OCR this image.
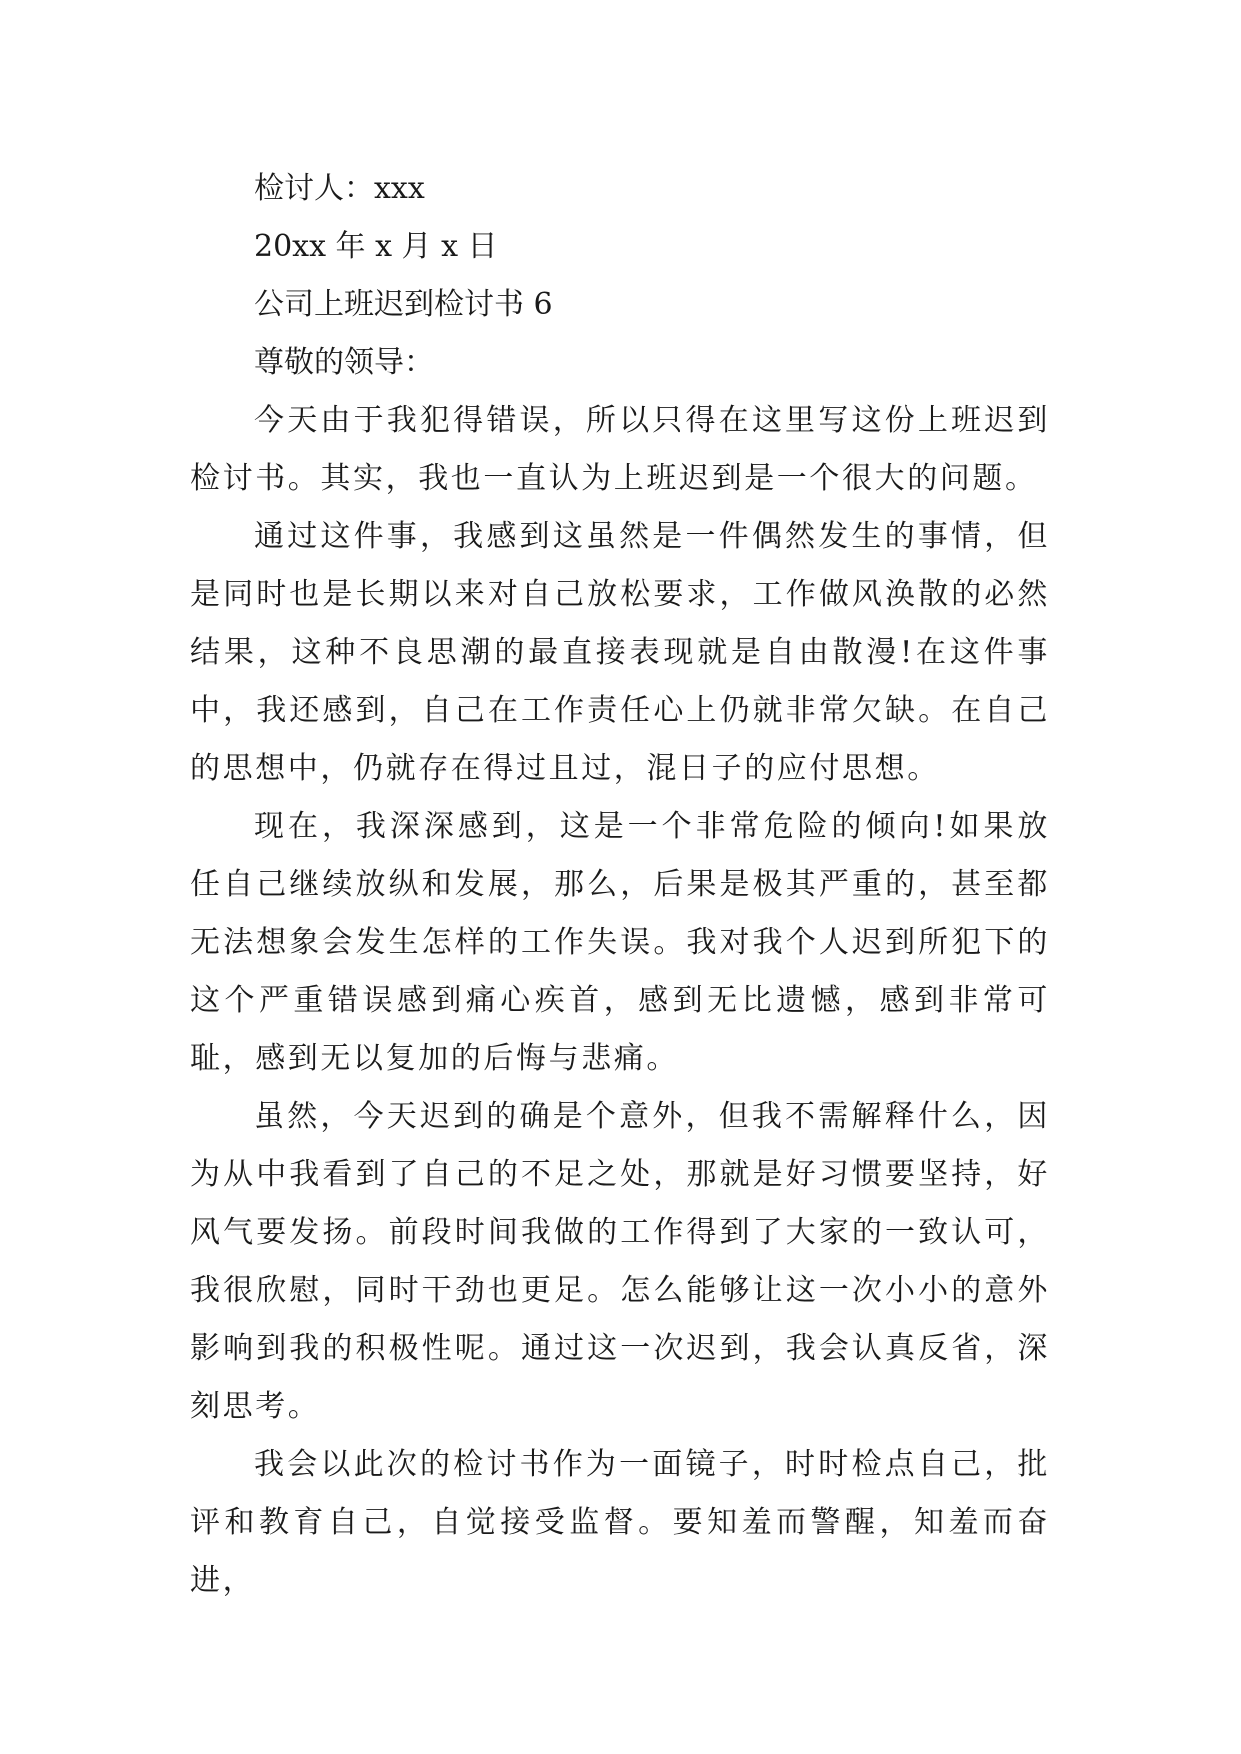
检讨人：xxx

20xx 年 x 月 x 日

公司上班迟到检讨书 6

尊敬的领导：

今天由于我犯得错误，所以只得在这里写这份上班迟到检讨书。其实，我也一直认为上班迟到是一个很大的问题。

通过这件事，我感到这虽然是一件偶然发生的事情，但是同时也是长期以来对自己放松要求，工作做风涣散的必然结果，这种不良思潮的最直接表现就是自由散漫!在这件事中，我还感到，自己在工作责任心上仍就非常欠缺。在自己的思想中，仍就存在得过且过，混日子的应付思想。

现在，我深深感到，这是一个非常危险的倾向!如果放任自己继续放纵和发展，那么，后果是极其严重的，甚至都无法想象会发生怎样的工作失误。我对我个人迟到所犯下的这个严重错误感到痛心疾首，感到无比遗憾，感到非常可耻，感到无以复加的后悔与悲痛。

虽然，今天迟到的确是个意外，但我不需解释什么，因为从中我看到了自己的不足之处，那就是好习惯要坚持，好风气要发扬。前段时间我做的工作得到了大家的一致认可，我很欣慰，同时干劲也更足。怎么能够让这一次小小的意外影响到我的积极性呢。通过这一次迟到，我会认真反省，深刻思考。

我会以此次的检讨书作为一面镜子，时时检点自己，批评和教育自己，自觉接受监督。要知羞而警醒，知羞而奋进，
